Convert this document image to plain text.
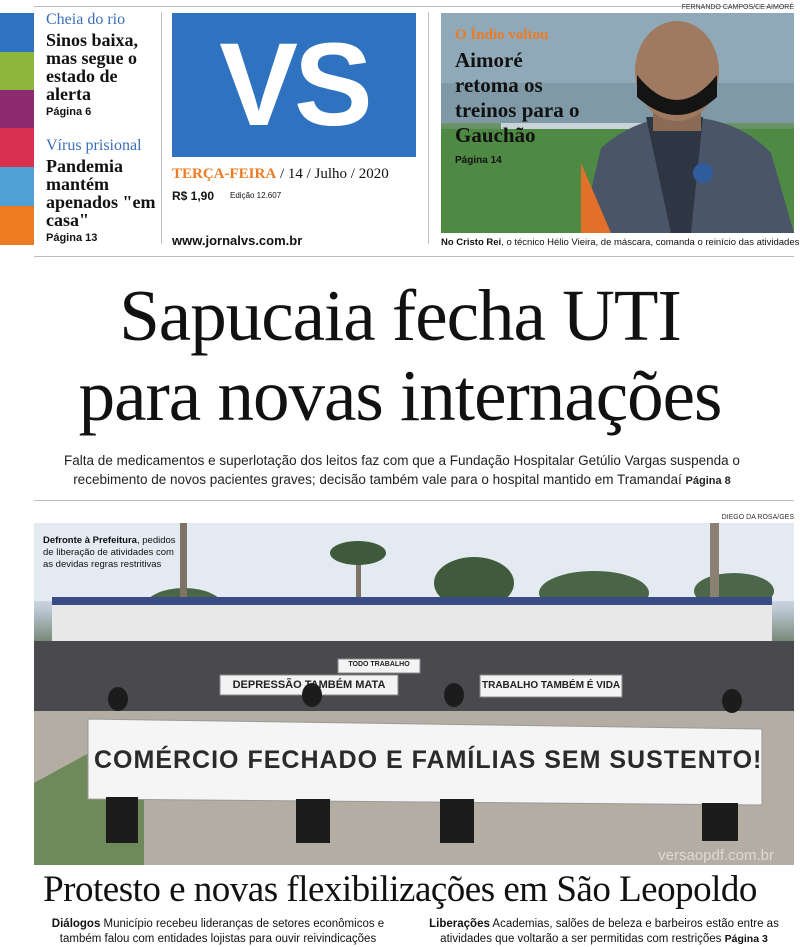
Cheia do rio
Sinos baixa, mas segue o estado de alerta
Página 6
Vírus prisional
Pandemia mantém apenados "em casa"
Página 13
VS
TERÇA-FEIRA / 14 / Julho / 2020
R$ 1,90 Edição 12.607
www.jornalvs.com.br
FERNANDO CAMPOS/CE AIMORÉ
O Índio voltou
Aimoré retoma os treinos para o Gauchão
Página 14
No Cristo Rei, o técnico Hélio Vieira, de máscara, comanda o reinício das atividades
Sapucaia fecha UTI
para novas internações
Falta de medicamentos e superlotação dos leitos faz com que a Fundação Hospitalar Getúlio Vargas suspenda o recebimento de novos pacientes graves; decisão também vale para o hospital mantido em Tramandaí Página 8
DIEGO DA ROSA/GES
DEPRESSÃO TAMBÉM MATA	TRABALHO TAMBÉM É VIDA
TODO TRABALHO
COMÉRCIO FECHADO E FAMÍLIAS SEM SUSTENTO!
Defronte à Prefeitura, pedidos de liberação de atividades com as devidas regras restritivas
versaopdf.com.br
Protesto e novas flexibilizações em São Leopoldo
Diálogos Município recebeu lideranças de setores econômicos e também falou com entidades lojistas para ouvir reivindicações
Liberações Academias, salões de beleza e barbeiros estão entre as atividades que voltarão a ser permitidas com restrições Página 3
